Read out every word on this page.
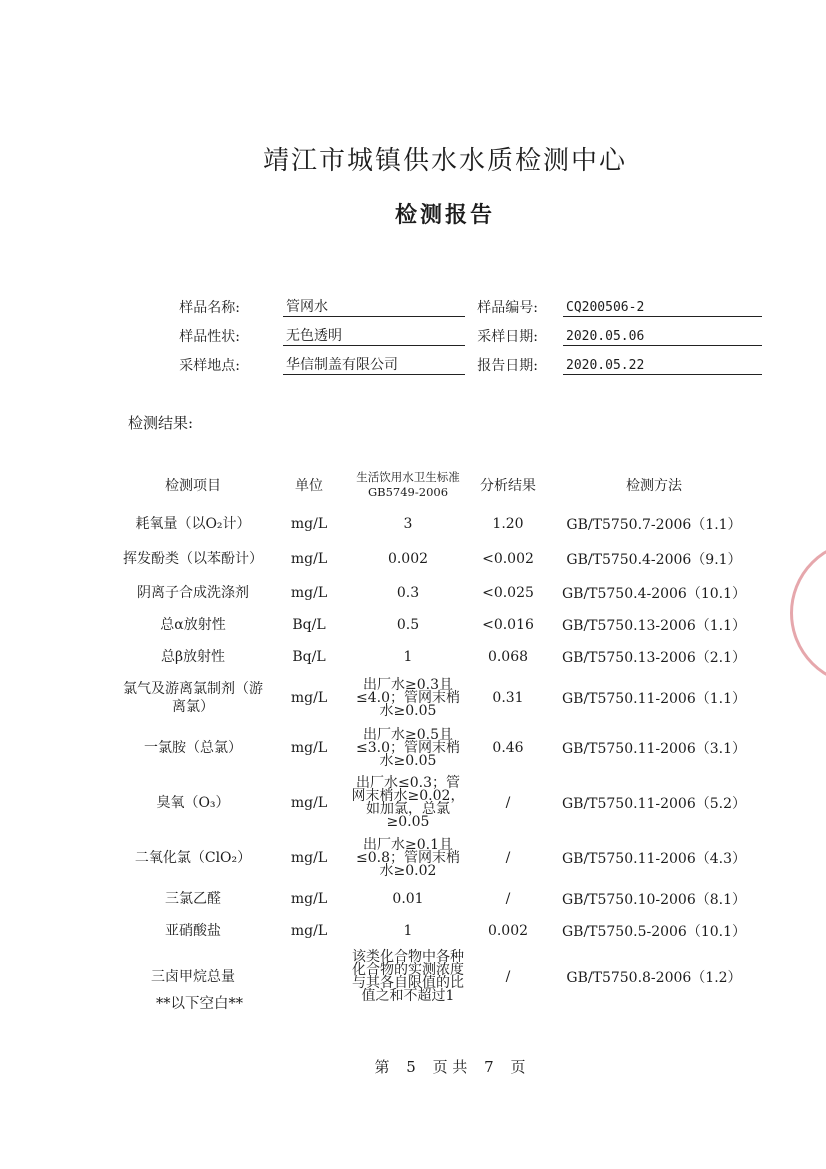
靖江市城镇供水水质检测中心
检测报告
样品名称:	管网水	样品编号: CQ200506-2
样品性状:	无色透明	采样日期: 2020.05.06
采样地点:	华信制盖有限公司	报告日期: 2020.05.22
检测结果:
检测项目	单位	生活饮用水卫生标准GB5749-2006	分析结果	检测方法
耗氧量（以O₂计）	mg/L	3	1.20	GB/T5750.7-2006（1.1）
挥发酚类（以苯酚计）	mg/L	0.002	<0.002	GB/T5750.4-2006（9.1）
阴离子合成洗涤剂	mg/L	0.3	<0.025	GB/T5750.4-2006（10.1）
总α放射性	Bq/L	0.5	<0.016	GB/T5750.13-2006（1.1）
总β放射性	Bq/L	1	0.068	GB/T5750.13-2006（2.1）
氯气及游离氯制剂（游离氯）	mg/L	出厂水≥0.3且≤4.0；管网末梢水≥0.05	0.31	GB/T5750.11-2006（1.1）
一氯胺（总氯）	mg/L	出厂水≥0.5且≤3.0；管网末梢水≥0.05	0.46	GB/T5750.11-2006（3.1）
臭氧（O₃）	mg/L	出厂水≤0.3；管网末梢水≥0.02，如加氯，总氯≥0.05	/	GB/T5750.11-2006（5.2）
二氧化氯（ClO₂）	mg/L	出厂水≥0.1且≤0.8；管网末梢水≥0.02	/	GB/T5750.11-2006（4.3）
三氯乙醛	mg/L	0.01	/	GB/T5750.10-2006（8.1）
亚硝酸盐	mg/L	1	0.002	GB/T5750.5-2006（10.1）
三卤甲烷总量		该类化合物中各种化合物的实测浓度与其各自限值的比值之和不超过1	/	GB/T5750.8-2006（1.2）
**以下空白**
第 5 页 共 7 页
